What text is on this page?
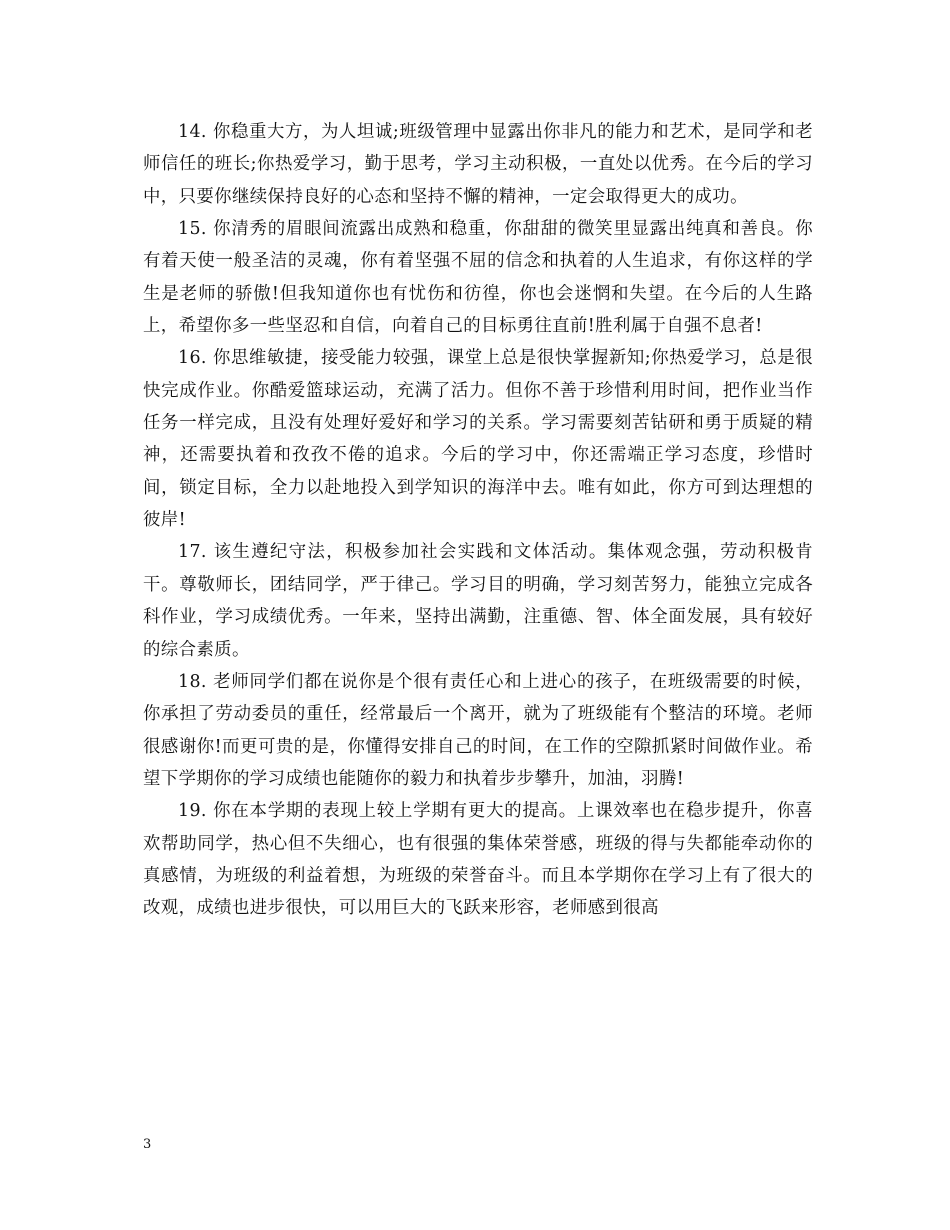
14. 你稳重大方，为人坦诚;班级管理中显露出你非凡的能力和艺术，是同学和老师信任的班长;你热爱学习，勤于思考，学习主动积极，一直处以优秀。在今后的学习中，只要你继续保持良好的心态和坚持不懈的精神，一定会取得更大的成功。

15. 你清秀的眉眼间流露出成熟和稳重，你甜甜的微笑里显露出纯真和善良。你有着天使一般圣洁的灵魂，你有着坚强不屈的信念和执着的人生追求，有你这样的学生是老师的骄傲!但我知道你也有忧伤和彷徨，你也会迷惘和失望。在今后的人生路上，希望你多一些坚忍和自信，向着自己的目标勇往直前!胜利属于自强不息者!

16. 你思维敏捷，接受能力较强，课堂上总是很快掌握新知;你热爱学习，总是很快完成作业。你酷爱篮球运动，充满了活力。但你不善于珍惜利用时间，把作业当作任务一样完成，且没有处理好爱好和学习的关系。学习需要刻苦钻研和勇于质疑的精神，还需要执着和孜孜不倦的追求。今后的学习中，你还需端正学习态度，珍惜时间，锁定目标，全力以赴地投入到学知识的海洋中去。唯有如此，你方可到达理想的彼岸!

17. 该生遵纪守法，积极参加社会实践和文体活动。集体观念强，劳动积极肯干。尊敬师长，团结同学，严于律己。学习目的明确，学习刻苦努力，能独立完成各科作业，学习成绩优秀。一年来，坚持出满勤，注重德、智、体全面发展，具有较好的综合素质。

18. 老师同学们都在说你是个很有责任心和上进心的孩子，在班级需要的时候，你承担了劳动委员的重任，经常最后一个离开，就为了班级能有个整洁的环境。老师很感谢你!而更可贵的是，你懂得安排自己的时间，在工作的空隙抓紧时间做作业。希望下学期你的学习成绩也能随你的毅力和执着步步攀升，加油，羽腾!

19. 你在本学期的表现上较上学期有更大的提高。上课效率也在稳步提升，你喜欢帮助同学，热心但不失细心，也有很强的集体荣誉感，班级的得与失都能牵动你的真感情，为班级的利益着想，为班级的荣誉奋斗。而且本学期你在学习上有了很大的改观，成绩也进步很快，可以用巨大的飞跃来形容，老师感到很高

3
